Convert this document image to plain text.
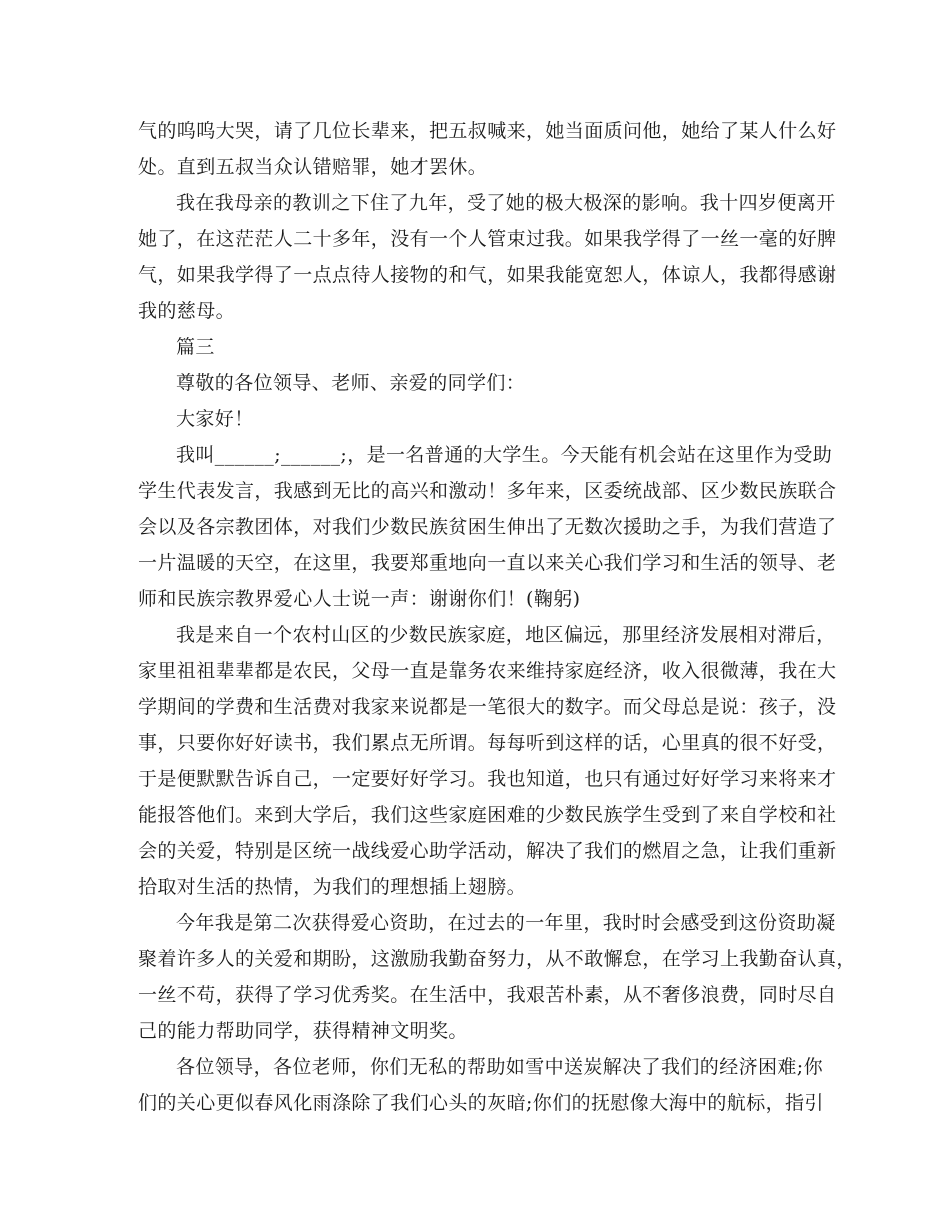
气的呜呜大哭，请了几位长辈来，把五叔喊来，她当面质问他，她给了某人什么好
处。直到五叔当众认错赔罪，她才罢休。
我在我母亲的教训之下住了九年，受了她的极大极深的影响。我十四岁便离开
她了，在这茫茫人二十多年，没有一个人管束过我。如果我学得了一丝一毫的好脾
气，如果我学得了一点点待人接物的和气，如果我能宽恕人，体谅人，我都得感谢
我的慈母。
篇三
尊敬的各位领导、老师、亲爱的同学们：
大家好！
我叫______;______;，是一名普通的大学生。今天能有机会站在这里作为受助
学生代表发言，我感到无比的高兴和激动！多年来，区委统战部、区少数民族联合
会以及各宗教团体，对我们少数民族贫困生伸出了无数次援助之手，为我们营造了
一片温暖的天空，在这里，我要郑重地向一直以来关心我们学习和生活的领导、老
师和民族宗教界爱心人士说一声：谢谢你们！(鞠躬)
我是来自一个农村山区的少数民族家庭，地区偏远，那里经济发展相对滞后，
家里祖祖辈辈都是农民，父母一直是靠务农来维持家庭经济，收入很微薄，我在大
学期间的学费和生活费对我家来说都是一笔很大的数字。而父母总是说：孩子，没
事，只要你好好读书，我们累点无所谓。每每听到这样的话，心里真的很不好受，
于是便默默告诉自己，一定要好好学习。我也知道，也只有通过好好学习来将来才
能报答他们。来到大学后，我们这些家庭困难的少数民族学生受到了来自学校和社
会的关爱，特别是区统一战线爱心助学活动，解决了我们的燃眉之急，让我们重新
拾取对生活的热情，为我们的理想插上翅膀。
今年我是第二次获得爱心资助，在过去的一年里，我时时会感受到这份资助凝
聚着许多人的关爱和期盼，这激励我勤奋努力，从不敢懈怠，在学习上我勤奋认真，
一丝不苟，获得了学习优秀奖。在生活中，我艰苦朴素，从不奢侈浪费，同时尽自
己的能力帮助同学，获得精神文明奖。
各位领导，各位老师，你们无私的帮助如雪中送炭解决了我们的经济困难;你
们的关心更似春风化雨涤除了我们心头的灰暗;你们的抚慰像大海中的航标，指引
